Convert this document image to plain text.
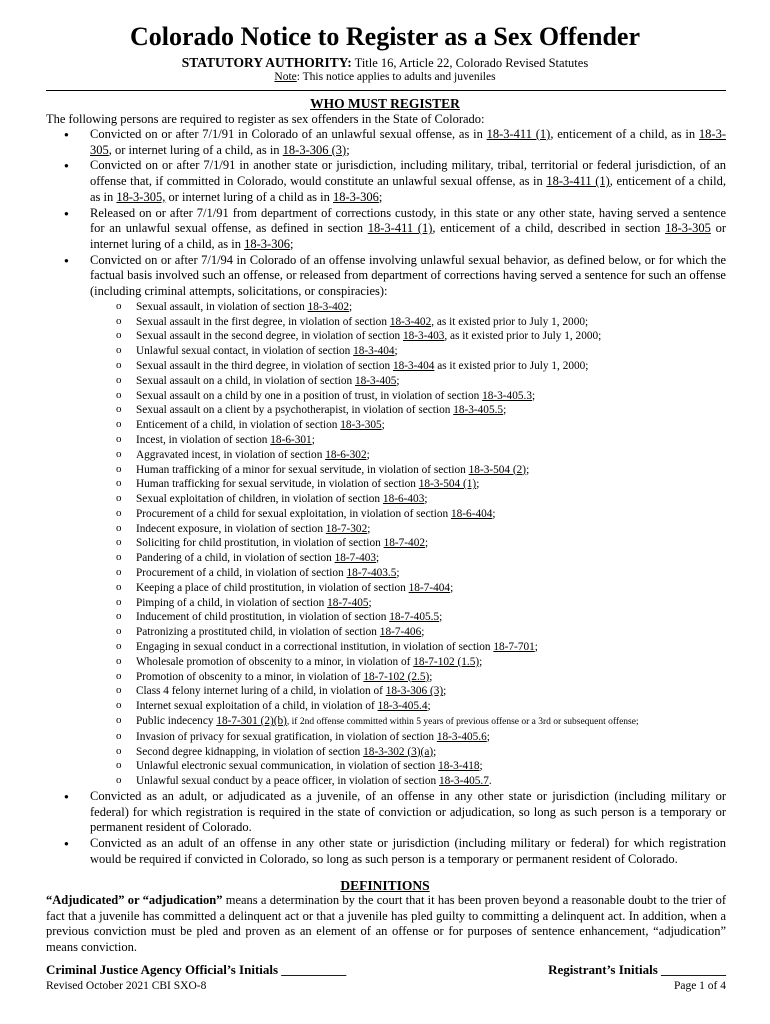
Colorado Notice to Register as a Sex Offender
STATUTORY AUTHORITY: Title 16, Article 22, Colorado Revised Statutes
Note: This notice applies to adults and juveniles
WHO MUST REGISTER
The following persons are required to register as sex offenders in the State of Colorado:
● Convicted on or after 7/1/91 in Colorado of an unlawful sexual offense, as in 18-3-411 (1), enticement of a child, as in 18-3-305, or internet luring of a child, as in 18-3-306 (3);
● Convicted on or after 7/1/91 in another state or jurisdiction, including military, tribal, territorial or federal jurisdiction, of an offense that, if committed in Colorado, would constitute an unlawful sexual offense, as in 18-3-411 (1), enticement of a child, as in 18-3-305, or internet luring of a child as in 18-3-306;
● Released on or after 7/1/91 from department of corrections custody, in this state or any other state, having served a sentence for an unlawful sexual offense, as defined in section 18-3-411 (1), enticement of a child, described in section 18-3-305 or internet luring of a child, as in 18-3-306;
● Convicted on or after 7/1/94 in Colorado of an offense involving unlawful sexual behavior, as defined below, or for which the factual basis involved such an offense, or released from department of corrections having served a sentence for such an offense (including criminal attempts, solicitations, or conspiracies):
o Sexual assault, in violation of section 18-3-402;
o Sexual assault in the first degree, in violation of section 18-3-402, as it existed prior to July 1, 2000;
o Sexual assault in the second degree, in violation of section 18-3-403, as it existed prior to July 1, 2000;
o Unlawful sexual contact, in violation of section 18-3-404;
o Sexual assault in the third degree, in violation of section 18-3-404 as it existed prior to July 1, 2000;
o Sexual assault on a child, in violation of section 18-3-405;
o Sexual assault on a child by one in a position of trust, in violation of section 18-3-405.3;
o Sexual assault on a client by a psychotherapist, in violation of section 18-3-405.5;
o Enticement of a child, in violation of section 18-3-305;
o Incest, in violation of section 18-6-301;
o Aggravated incest, in violation of section 18-6-302;
o Human trafficking of a minor for sexual servitude, in violation of section 18-3-504 (2);
o Human trafficking for sexual servitude, in violation of section 18-3-504 (1);
o Sexual exploitation of children, in violation of section 18-6-403;
o Procurement of a child for sexual exploitation, in violation of section 18-6-404;
o Indecent exposure, in violation of section 18-7-302;
o Soliciting for child prostitution, in violation of section 18-7-402;
o Pandering of a child, in violation of section 18-7-403;
o Procurement of a child, in violation of section 18-7-403.5;
o Keeping a place of child prostitution, in violation of section 18-7-404;
o Pimping of a child, in violation of section 18-7-405;
o Inducement of child prostitution, in violation of section 18-7-405.5;
o Patronizing a prostituted child, in violation of section 18-7-406;
o Engaging in sexual conduct in a correctional institution, in violation of section 18-7-701;
o Wholesale promotion of obscenity to a minor, in violation of 18-7-102 (1.5);
o Promotion of obscenity to a minor, in violation of 18-7-102 (2.5);
o Class 4 felony internet luring of a child, in violation of 18-3-306 (3);
o Internet sexual exploitation of a child, in violation of 18-3-405.4;
o Public indecency 18-7-301 (2)(b), if 2nd offense committed within 5 years of previous offense or a 3rd or subsequent offense;
o Invasion of privacy for sexual gratification, in violation of section 18-3-405.6;
o Second degree kidnapping, in violation of section 18-3-302 (3)(a);
o Unlawful electronic sexual communication, in violation of section 18-3-418;
o Unlawful sexual conduct by a peace officer, in violation of section 18-3-405.7.
● Convicted as an adult, or adjudicated as a juvenile, of an offense in any other state or jurisdiction (including military or federal) for which registration is required in the state of conviction or adjudication, so long as such person is a temporary or permanent resident of Colorado.
● Convicted as an adult of an offense in any other state or jurisdiction (including military or federal) for which registration would be required if convicted in Colorado, so long as such person is a temporary or permanent resident of Colorado.
DEFINITIONS
“Adjudicated” or “adjudication” means a determination by the court that it has been proven beyond a reasonable doubt to the trier of fact that a juvenile has committed a delinquent act or that a juvenile has pled guilty to committing a delinquent act. In addition, when a previous conviction must be pled and proven as an element of an offense or for purposes of sentence enhancement, “adjudication” means conviction.
Criminal Justice Agency Official’s Initials __________	Registrant’s Initials __________
Revised October 2021 CBI SXO-8	Page 1 of 4
